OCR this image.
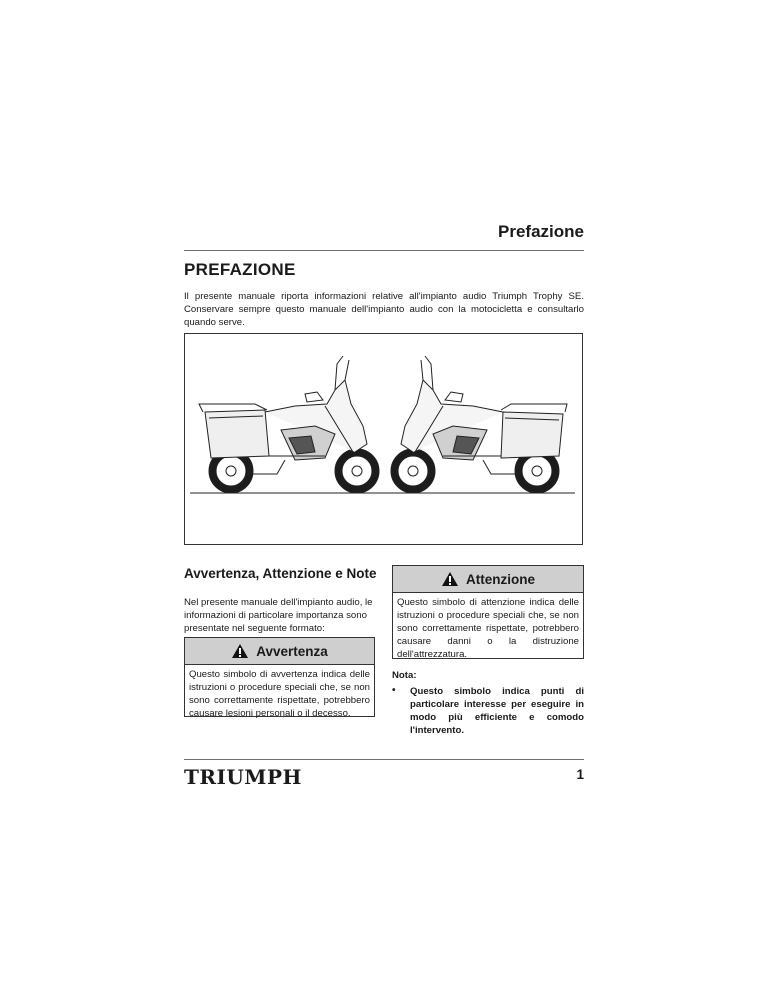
Prefazione
PREFAZIONE

Il presente manuale riporta informazioni relative all'impianto audio Triumph Trophy SE. Conservare sempre questo manuale dell'impianto audio con la motocicletta e consultarlo quando serve.

Avvertenza, Attenzione e Note

Nel presente manuale dell'impianto audio, le informazioni di particolare importanza sono presentate nel seguente formato:

Avvertenza

Questo simbolo di avvertenza indica delle istruzioni o procedure speciali che, se non sono correttamente rispettate, potrebbero causare lesioni personali o il decesso.

Attenzione

Questo simbolo di attenzione indica delle istruzioni o procedure speciali che, se non sono correttamente rispettate, potrebbero causare danni o la distruzione dell'attrezzatura.

Nota:

•	Questo simbolo indica punti di particolare interesse per eseguire in modo più efficiente e comodo l'intervento.
TRIUMPH	1
